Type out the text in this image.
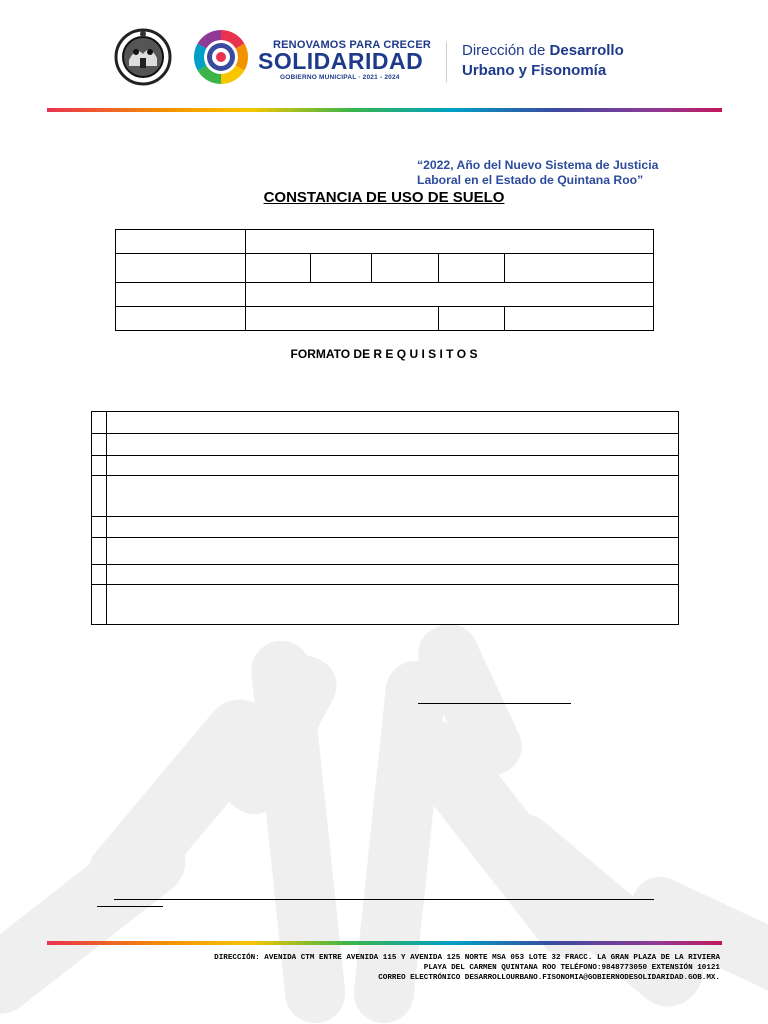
RENOVAMOS PARA CRECER
SOLIDARIDAD
GOBIERNO MUNICIPAL · 2021 - 2024
Dirección de Desarrollo
Urbano y Fisonomía
“2022, Año del Nuevo Sistema de Justicia
Laboral en el Estado de Quintana Roo”
CONSTANCIA DE USO DE SUELO

FORMATO DE R E Q U I S I T O S

DIRECCIÓN: AVENIDA CTM ENTRE AVENIDA 115 Y AVENIDA 125 NORTE MSA 053 LOTE 32 FRACC. LA GRAN PLAZA DE LA RIVIERA
PLAYA DEL CARMEN QUINTANA ROO TELÉFONO:9848773050 EXTENSIÓN 10121
CORREO ELECTRÓNICO DESARROLLOURBANO.FISONOMIA@GOBIERNODESOLIDARIDAD.GOB.MX.
